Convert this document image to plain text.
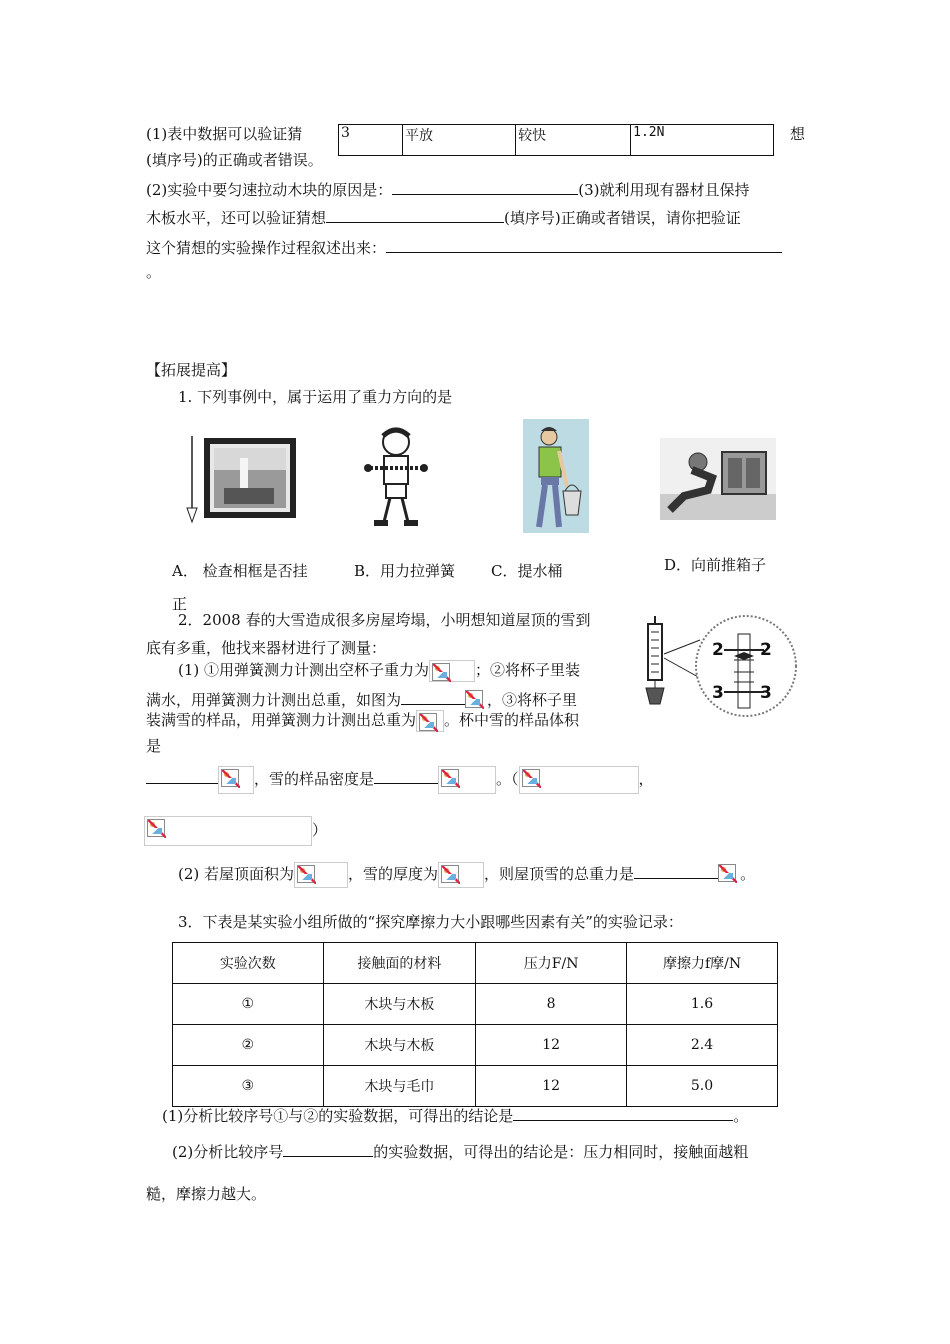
(1)表中数据可以验证猜	3	平放	较快	1.2N	想
(填序号)的正确或者错误。
(2)实验中要匀速拉动木块的原因是：	(3)就利用现有器材且保持
木板水平，还可以验证猜想	(填序号)正确或者错误，请你把验证
这个猜想的实验操作过程叙述出来：
。
【拓展提高】
1. 下列事例中，属于运用了重力方向的是
A． 检查相框是否挂
正
B．用力拉弹簧 C．提水桶	D．向前推箱子
2．2008 春的大雪造成很多房屋垮塌，小明想知道屋顶的雪到
底有多重，他找来器材进行了测量：	2 2
3 3
(1) ①用弹簧测力计测出空杯子重力为	；②将杯子里装
满水，用弹簧测力计测出总重，如图为	，③将杯子里
装满雪的样品，用弹簧测力计测出总重为 。杯中雪的样品体积
是
，雪的样品密度是	。（	，
）
(2) 若屋顶面积为	，雪的厚度为	，则屋顶雪的总重力是	。
3．下表是某实验小组所做的“探究摩擦力大小跟哪些因素有关”的实验记录：
实验次数	接触面的材料	压力F/N	摩擦力f摩/N
①	木块与木板	8	1.6
②	木块与木板	12	2.4
③	木块与毛巾	12	5.0
(1)分析比较序号①与②的实验数据，可得出的结论是	。
(2)分析比较序号	的实验数据，可得出的结论是：压力相同时，接触面越粗
糙，摩擦力越大。
